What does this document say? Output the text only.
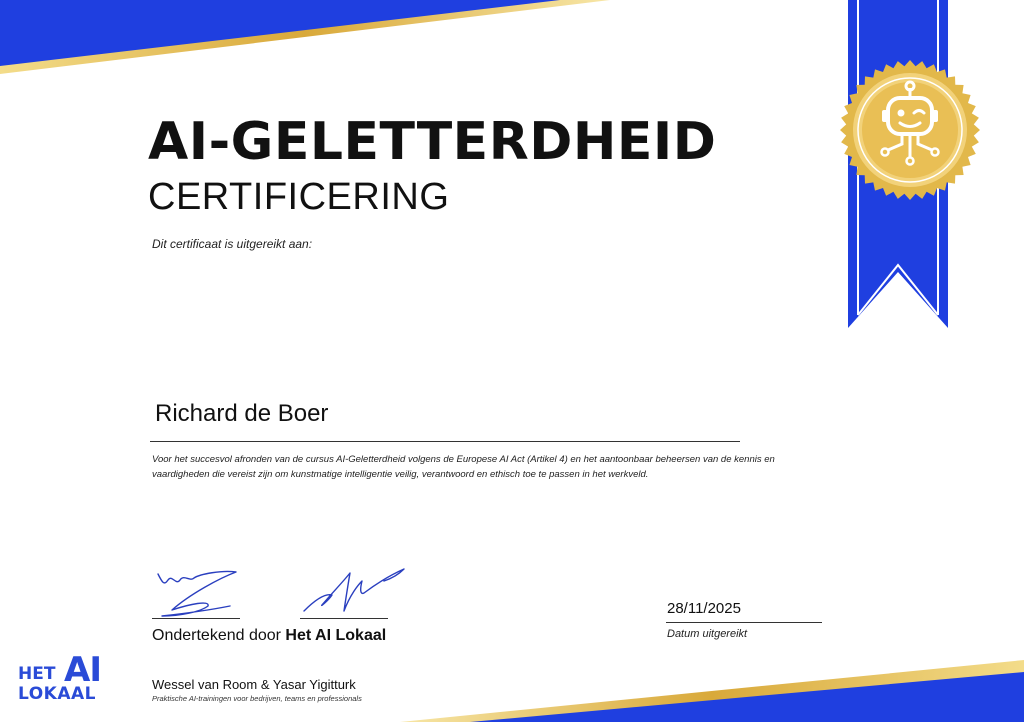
AI-GELETTERDHEID
CERTIFICERING
Dit certificaat is uitgereikt aan:
Richard de Boer
Voor het succesvol afronden van de cursus AI-Geletterdheid volgens de Europese AI Act (Artikel 4) en het aantoonbaar beheersen van de kennis en vaardigheden die vereist zijn om kunstmatige intelligentie veilig, verantwoord en ethisch toe te passen in het werkveld.
Ondertekend door Het AI Lokaal
Wessel van Room & Yasar Yigitturk
Praktische AI-trainingen voor bedrijven, teams en professionals
28/11/2025
Datum uitgereikt
HET AI
LOKAAL
